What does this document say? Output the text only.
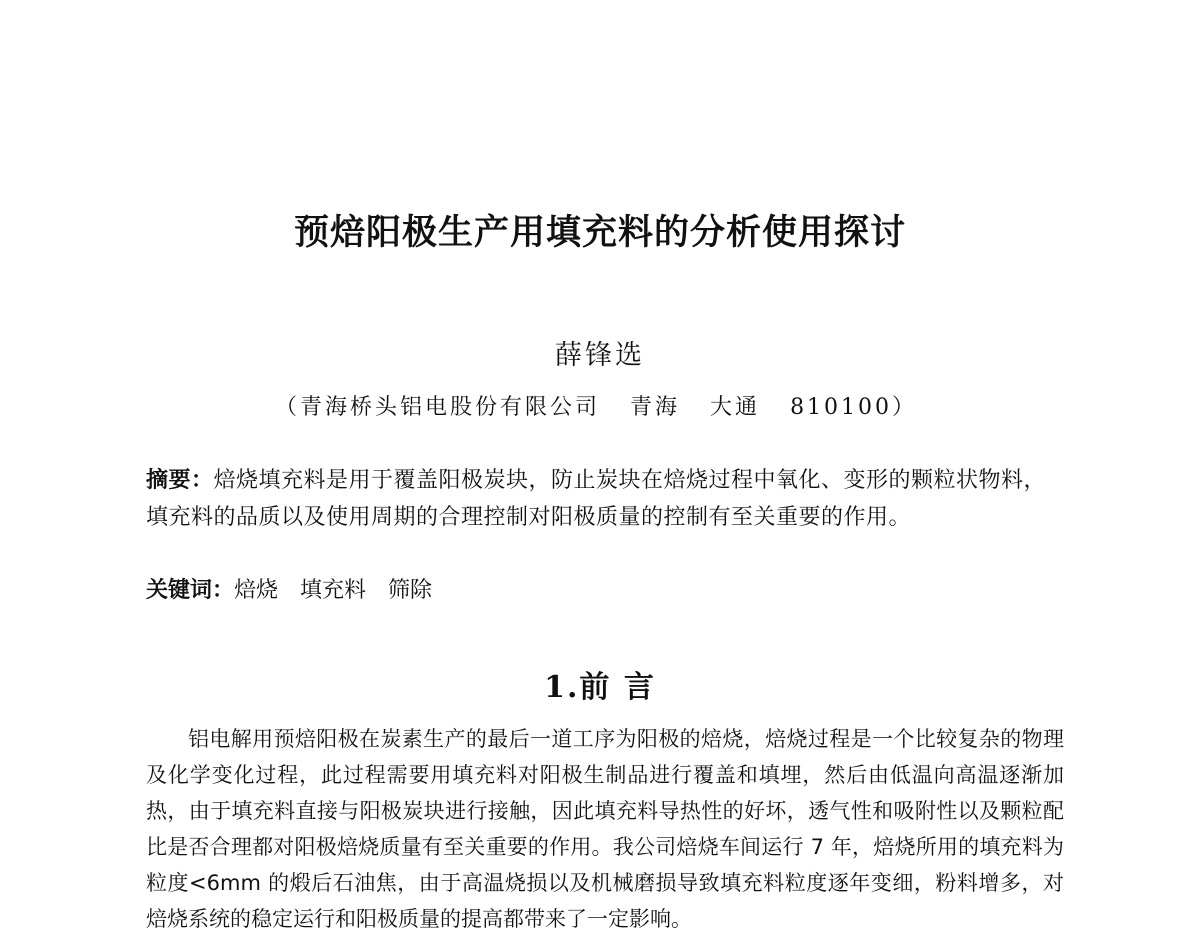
预焙阳极生产用填充料的分析使用探讨
薛锋选
（青海桥头铝电股份有限公司 青海 大通 810100）
摘要：焙烧填充料是用于覆盖阳极炭块，防止炭块在焙烧过程中氧化、变形的颗粒状物料，填充料的品质以及使用周期的合理控制对阳极质量的控制有至关重要的作用。
关键词：焙烧 填充料 筛除
1.前 言
铝电解用预焙阳极在炭素生产的最后一道工序为阳极的焙烧，焙烧过程是一个比较复杂的物理及化学变化过程，此过程需要用填充料对阳极生制品进行覆盖和填埋，然后由低温向高温逐渐加热，由于填充料直接与阳极炭块进行接触，因此填充料导热性的好坏，透气性和吸附性以及颗粒配比是否合理都对阳极焙烧质量有至关重要的作用。我公司焙烧车间运行 7 年，焙烧所用的填充料为粒度<6mm 的煅后石油焦，由于高温烧损以及机械磨损导致填充料粒度逐年变细，粉料增多，对焙烧系统的稳定运行和阳极质量的提高都带来了一定影响。
